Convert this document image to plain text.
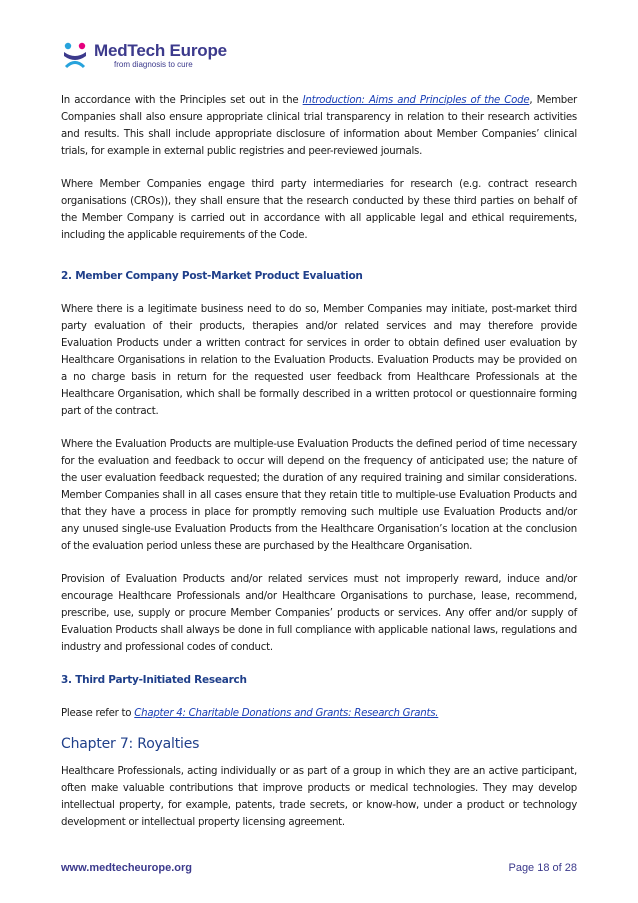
MedTech Europe
from diagnosis to cure

In accordance with the Principles set out in the Introduction: Aims and Principles of the Code, Member Companies shall also ensure appropriate clinical trial transparency in relation to their research activities and results. This shall include appropriate disclosure of information about Member Companies’ clinical trials, for example in external public registries and peer-reviewed journals.

Where Member Companies engage third party intermediaries for research (e.g. contract research organisations (CROs)), they shall ensure that the research conducted by these third parties on behalf of the Member Company is carried out in accordance with all applicable legal and ethical requirements, including the applicable requirements of the Code.

2. Member Company Post-Market Product Evaluation

Where there is a legitimate business need to do so, Member Companies may initiate, post-market third party evaluation of their products, therapies and/or related services and may therefore provide Evaluation Products under a written contract for services in order to obtain defined user evaluation by Healthcare Organisations in relation to the Evaluation Products. Evaluation Products may be provided on a no charge basis in return for the requested user feedback from Healthcare Professionals at the Healthcare Organisation, which shall be formally described in a written protocol or questionnaire forming part of the contract.

Where the Evaluation Products are multiple-use Evaluation Products the defined period of time necessary for the evaluation and feedback to occur will depend on the frequency of anticipated use; the nature of the user evaluation feedback requested; the duration of any required training and similar considerations. Member Companies shall in all cases ensure that they retain title to multiple-use Evaluation Products and that they have a process in place for promptly removing such multiple use Evaluation Products and/or any unused single-use Evaluation Products from the Healthcare Organisation’s location at the conclusion of the evaluation period unless these are purchased by the Healthcare Organisation.

Provision of Evaluation Products and/or related services must not improperly reward, induce and/or encourage Healthcare Professionals and/or Healthcare Organisations to purchase, lease, recommend, prescribe, use, supply or procure Member Companies’ products or services. Any offer and/or supply of Evaluation Products shall always be done in full compliance with applicable national laws, regulations and industry and professional codes of conduct.

3. Third Party-Initiated Research

Please refer to Chapter 4: Charitable Donations and Grants: Research Grants.

Chapter 7: Royalties

Healthcare Professionals, acting individually or as part of a group in which they are an active participant, often make valuable contributions that improve products or medical technologies. They may develop intellectual property, for example, patents, trade secrets, or know-how, under a product or technology development or intellectual property licensing agreement.

www.medtecheurope.org	Page 18 of 28
